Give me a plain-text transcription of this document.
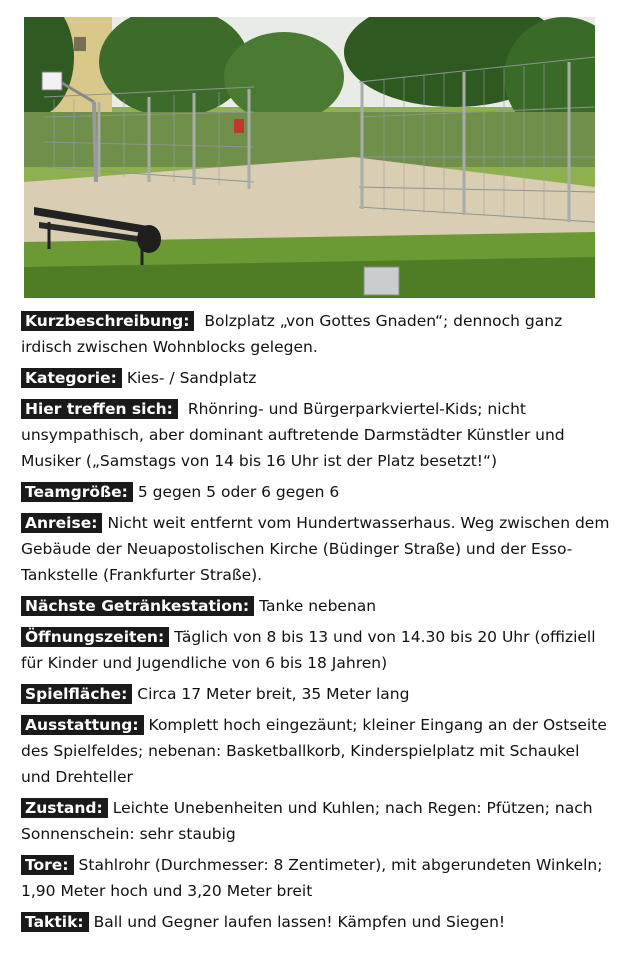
Kurzbeschreibung: Bolzplatz „von Gottes Gnaden“; dennoch ganz irdisch zwischen Wohnblocks gelegen.

Kategorie: Kies- / Sandplatz

Hier treffen sich: Rhönring- und Bürgerparkviertel-Kids; nicht unsympathisch, aber dominant auftretende Darmstädter Künstler und Musiker („Samstags von 14 bis 16 Uhr ist der Platz besetzt!“)

Teamgröße: 5 gegen 5 oder 6 gegen 6

Anreise: Nicht weit entfernt vom Hundertwasserhaus. Weg zwischen dem Gebäude der Neuapostolischen Kirche (Büdinger Straße) und der Esso-Tankstelle (Frankfurter Straße).

Nächste Getränkestation: Tanke nebenan

Öffnungszeiten: Täglich von 8 bis 13 und von 14.30 bis 20 Uhr (offiziell für Kinder und Jugendliche von 6 bis 18 Jahren)

Spielfläche: Circa 17 Meter breit, 35 Meter lang

Ausstattung: Komplett hoch eingezäunt; kleiner Eingang an der Ostseite des Spielfeldes; nebenan: Basketballkorb, Kinderspielplatz mit Schaukel und Drehteller

Zustand: Leichte Unebenheiten und Kuhlen; nach Regen: Pfützen; nach Sonnenschein: sehr staubig

Tore: Stahlrohr (Durchmesser: 8 Zentimeter), mit abgerundeten Winkeln; 1,90 Meter hoch und 3,20 Meter breit

Taktik: Ball und Gegner laufen lassen! Kämpfen und Siegen!
